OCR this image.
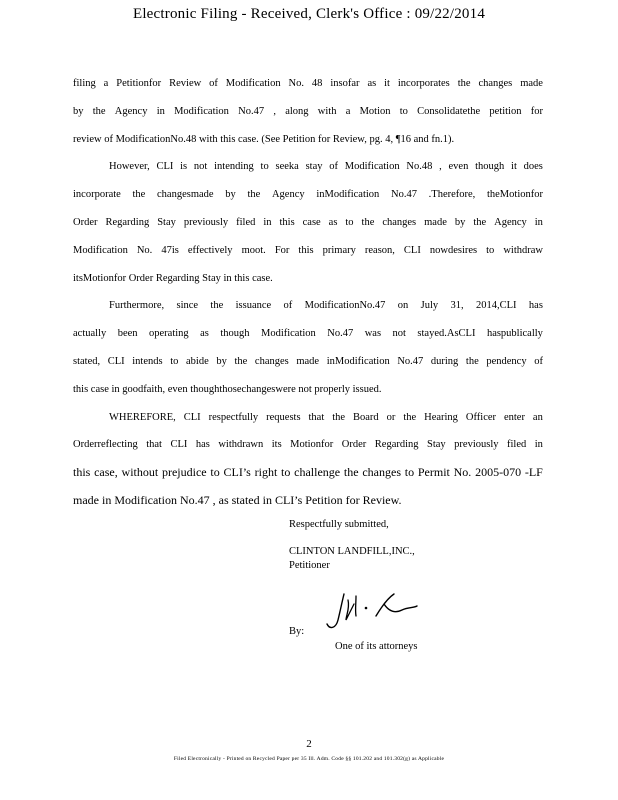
Electronic Filing - Received, Clerk's Office : 09/22/2014
filing a Petitionfor Review of Modification No. 48 insofar as it incorporates the changes made
by the Agency in Modification No.47 , along with a Motion to Consolidatethe petition for
review of ModificationNo.48 with this case. (See Petition for Review, pg. 4, ¶16 and fn.1).
However, CLI is not intending to seeka stay of Modification No.48 , even though it does
incorporate the changesmade by the Agency inModification No.47 .Therefore, theMotionfor
Order Regarding Stay previously filed in this case as to the changes made by the Agency in
Modification No. 47is effectively moot. For this primary reason, CLI nowdesires to withdraw
itsMotionfor Order Regarding Stay in this case.
Furthermore, since the issuance of ModificationNo.47 on July 31, 2014,CLI has
actually been operating as though Modification No.47 was not stayed.AsCLI haspublically
stated, CLI intends to abide by the changes made inModification No.47 during the pendency of
this case in goodfaith, even thoughthosechangeswere not properly issued.
WHEREFORE, CLI respectfully requests that the Board or the Hearing Officer enter an
Orderreflecting that CLI has withdrawn its Motionfor Order Regarding Stay previously filed in
this case, without prejudice to CLI’s right to challenge the changes to Permit No. 2005-070 -LF
made in Modification No.47 , as stated in CLI’s Petition for Review.
Respectfully submitted,
CLINTON LANDFILL,INC.,
Petitioner
By:
One of its attorneys
2
Filed Electronically - Printed on Recycled Paper per 35 Ill. Adm. Code §§ 101.202 and 101.302(g) as Applicable
